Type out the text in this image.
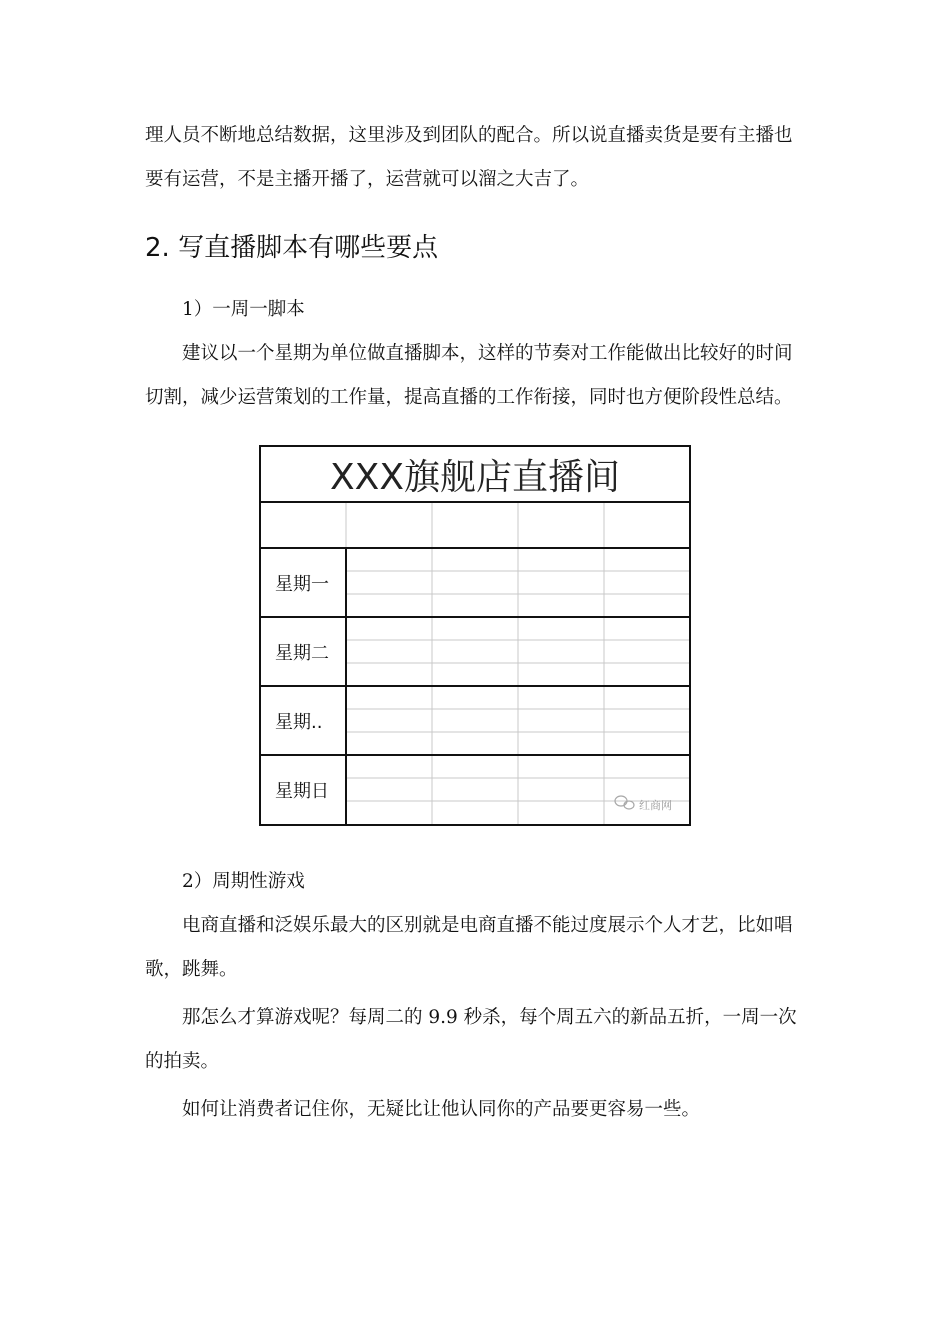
理人员不断地总结数据，这里涉及到团队的配合。所以说直播卖货是要有主播也要有运营，不是主播开播了，运营就可以溜之大吉了。

2. 写直播脚本有哪些要点

1）一周一脚本

建议以一个星期为单位做直播脚本，这样的节奏对工作能做出比较好的时间切割，减少运营策划的工作量，提高直播的工作衔接，同时也方便阶段性总结。

XXX旗舰店直播间
星期一
星期二
星期..
星期日
红商网

2）周期性游戏

电商直播和泛娱乐最大的区别就是电商直播不能过度展示个人才艺，比如唱歌，跳舞。

那怎么才算游戏呢？每周二的 9.9 秒杀，每个周五六的新品五折，一周一次的拍卖。

如何让消费者记住你，无疑比让他认同你的产品要更容易一些。
